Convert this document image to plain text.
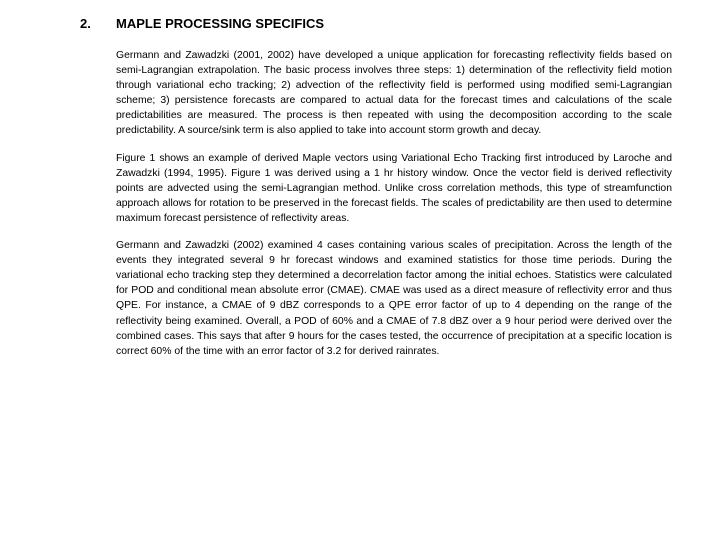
2. MAPLE PROCESSING SPECIFICS

Germann and Zawadzki (2001, 2002) have developed a unique application for forecasting reflectivity fields based on semi-Lagrangian extrapolation. The basic process involves three steps: 1) determination of the reflectivity field motion through variational echo tracking; 2) advection of the reflectivity field is performed using modified semi-Lagrangian scheme; 3) persistence forecasts are compared to actual data for the forecast times and calculations of the scale predictabilities are measured. The process is then repeated with using the decomposition according to the scale predictability. A source/sink term is also applied to take into account storm growth and decay.

Figure 1 shows an example of derived Maple vectors using Variational Echo Tracking first introduced by Laroche and Zawadzki (1994, 1995). Figure 1 was derived using a 1 hr history window. Once the vector field is derived reflectivity points are advected using the semi-Lagrangian method. Unlike cross correlation methods, this type of streamfunction approach allows for rotation to be preserved in the forecast fields. The scales of predictability are then used to determine maximum forecast persistence of reflectivity areas.

Germann and Zawadzki (2002) examined 4 cases containing various scales of precipitation. Across the length of the events they integrated several 9 hr forecast windows and examined statistics for those time periods. During the variational echo tracking step they determined a decorrelation factor among the initial echoes. Statistics were calculated for POD and conditional mean absolute error (CMAE). CMAE was used as a direct measure of reflectivity error and thus QPE. For instance, a CMAE of 9 dBZ corresponds to a QPE error factor of up to 4 depending on the range of the reflectivity being examined. Overall, a POD of 60% and a CMAE of 7.8 dBZ over a 9 hour period were derived over the combined cases. This says that after 9 hours for the cases tested, the occurrence of precipitation at a specific location is correct 60% of the time with an error factor of 3.2 for derived rainrates.
